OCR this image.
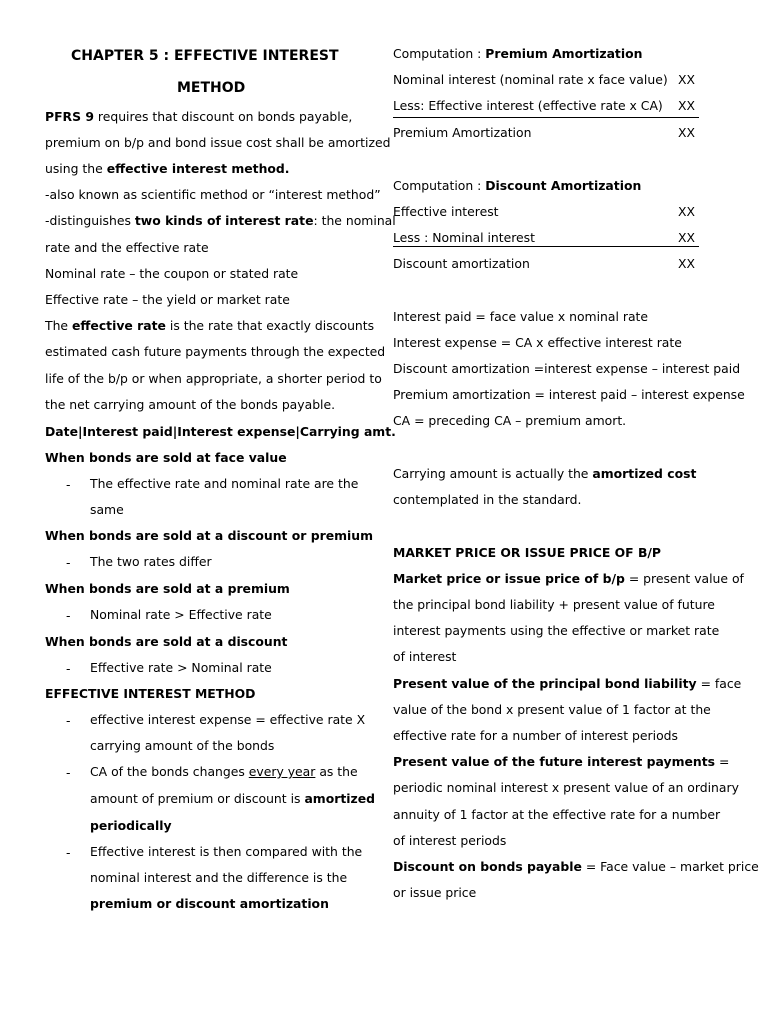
CHAPTER 5 : EFFECTIVE INTEREST
METHOD
PFRS 9 requires that discount on bonds payable,
premium on b/p and bond issue cost shall be amortized
using the effective interest method.
-also known as scientific method or “interest method”
-distinguishes two kinds of interest rate: the nominal
rate and the effective rate
Nominal rate – the coupon or stated rate
Effective rate – the yield or market rate
The effective rate is the rate that exactly discounts
estimated cash future payments through the expected
life of the b/p or when appropriate, a shorter period to
the net carrying amount of the bonds payable.
Date|Interest paid|Interest expense|Carrying amt.
When bonds are sold at face value
- The effective rate and nominal rate are the
same
When bonds are sold at a discount or premium
- The two rates differ
When bonds are sold at a premium
- Nominal rate > Effective rate
When bonds are sold at a discount
- Effective rate > Nominal rate
EFFECTIVE INTEREST METHOD
- effective interest expense = effective rate X
carrying amount of the bonds
- CA of the bonds changes every year as the
amount of premium or discount is amortized
periodically
- Effective interest is then compared with the
nominal interest and the difference is the
premium or discount amortization
Computation : Premium Amortization
Nominal interest (nominal rate x face value) XX
Less: Effective interest (effective rate x CA) XX
Premium Amortization	XX
Computation : Discount Amortization
Effective interest	XX
Less : Nominal interest	XX
Discount amortization	XX
Interest paid = face value x nominal rate
Interest expense = CA x effective interest rate
Discount amortization =interest expense – interest paid
Premium amortization = interest paid – interest expense
CA = preceding CA – premium amort.
Carrying amount is actually the amortized cost
contemplated in the standard.
MARKET PRICE OR ISSUE PRICE OF B/P
Market price or issue price of b/p = present value of
the principal bond liability + present value of future
interest payments using the effective or market rate
of interest
Present value of the principal bond liability = face
value of the bond x present value of 1 factor at the
effective rate for a number of interest periods
Present value of the future interest payments =
periodic nominal interest x present value of an ordinary
annuity of 1 factor at the effective rate for a number
of interest periods
Discount on bonds payable = Face value – market price
or issue price
